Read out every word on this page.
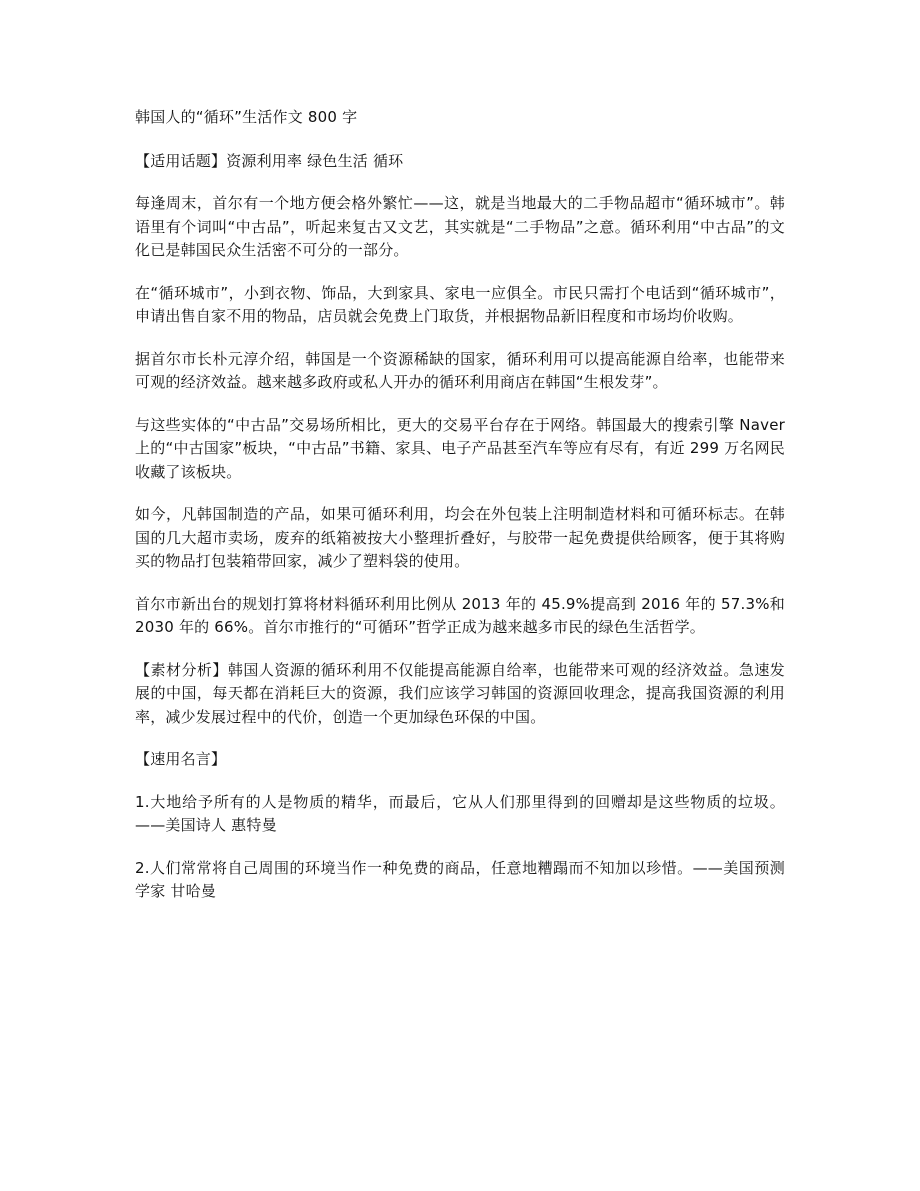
韩国人的“循环”生活作文 800 字

【适用话题】资源利用率 绿色生活 循环

每逢周末，首尔有一个地方便会格外繁忙——这，就是当地最大的二手物品超市“循环城市”。韩语里有个词叫“中古品”，听起来复古又文艺，其实就是“二手物品”之意。循环利用“中古品”的文化已是韩国民众生活密不可分的一部分。

在“循环城市”，小到衣物、饰品，大到家具、家电一应俱全。市民只需打个电话到“循环城市”，申请出售自家不用的物品，店员就会免费上门取货，并根据物品新旧程度和市场均价收购。

据首尔市长朴元淳介绍，韩国是一个资源稀缺的国家，循环利用可以提高能源自给率，也能带来可观的经济效益。越来越多政府或私人开办的循环利用商店在韩国“生根发芽”。

与这些实体的“中古品”交易场所相比，更大的交易平台存在于网络。韩国最大的搜索引擎 Naver 上的“中古国家”板块，“中古品”书籍、家具、电子产品甚至汽车等应有尽有，有近 299 万名网民收藏了该板块。

如今，凡韩国制造的产品，如果可循环利用，均会在外包装上注明制造材料和可循环标志。在韩国的几大超市卖场，废弃的纸箱被按大小整理折叠好，与胶带一起免费提供给顾客，便于其将购买的物品打包装箱带回家，减少了塑料袋的使用。

首尔市新出台的规划打算将材料循环利用比例从 2013 年的 45.9%提高到 2016 年的 57.3%和 2030 年的 66%。首尔市推行的“可循环”哲学正成为越来越多市民的绿色生活哲学。

【素材分析】韩国人资源的循环利用不仅能提高能源自给率，也能带来可观的经济效益。急速发展的中国，每天都在消耗巨大的资源，我们应该学习韩国的资源回收理念，提高我国资源的利用率，减少发展过程中的代价，创造一个更加绿色环保的中国。

【速用名言】

1.大地给予所有的人是物质的精华，而最后，它从人们那里得到的回赠却是这些物质的垃圾。——美国诗人 惠特曼

2.人们常常将自己周围的环境当作一种免费的商品，任意地糟蹋而不知加以珍惜。——美国预测学家 甘哈曼
